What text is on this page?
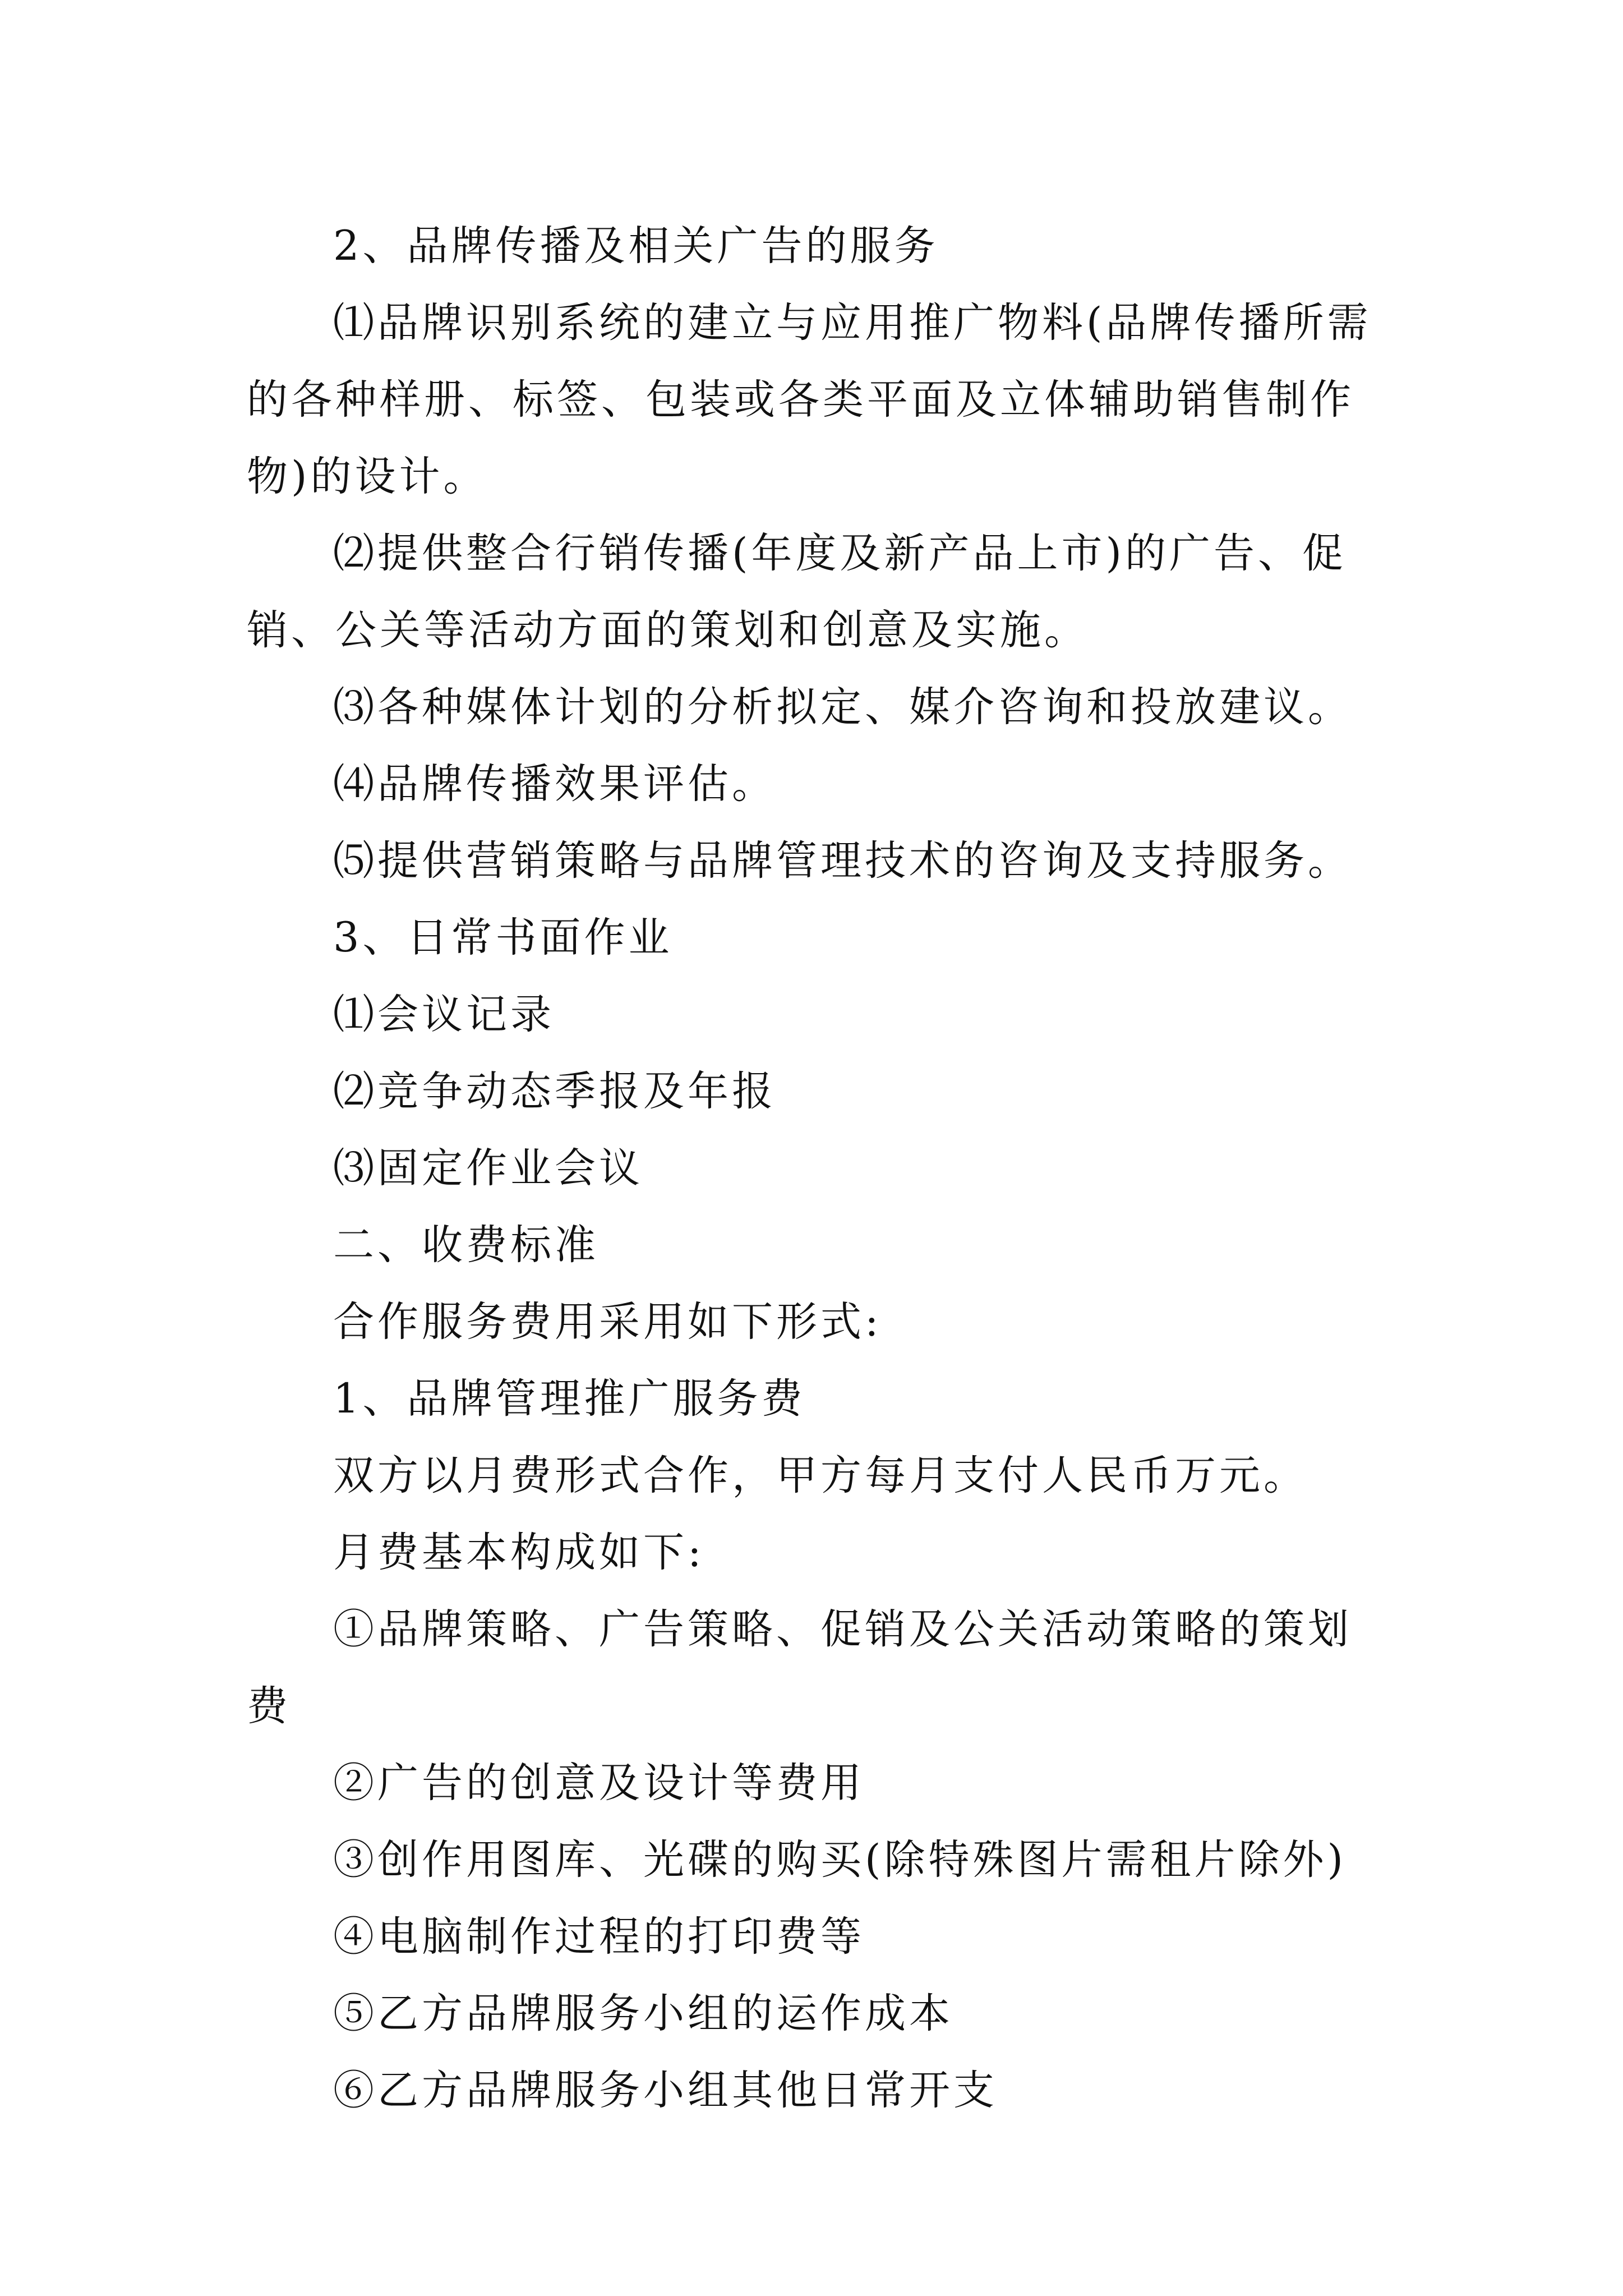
2、品牌传播及相关广告的服务

⑴品牌识别系统的建立与应用推广物料(品牌传播所需的各种样册、标签、包装或各类平面及立体辅助销售制作物)的设计。

⑵提供整合行销传播(年度及新产品上市)的广告、促销、公关等活动方面的策划和创意及实施。

⑶各种媒体计划的分析拟定、媒介咨询和投放建议。

⑷品牌传播效果评估。

⑸提供营销策略与品牌管理技术的咨询及支持服务。

3、日常书面作业

⑴会议记录

⑵竞争动态季报及年报

⑶固定作业会议

二、收费标准

合作服务费用采用如下形式:

1、品牌管理推广服务费

双方以月费形式合作，甲方每月支付人民币万元。

月费基本构成如下:

①品牌策略、广告策略、促销及公关活动策略的策划费

②广告的创意及设计等费用

③创作用图库、光碟的购买(除特殊图片需租片除外)

④电脑制作过程的打印费等

⑤乙方品牌服务小组的运作成本

⑥乙方品牌服务小组其他日常开支
